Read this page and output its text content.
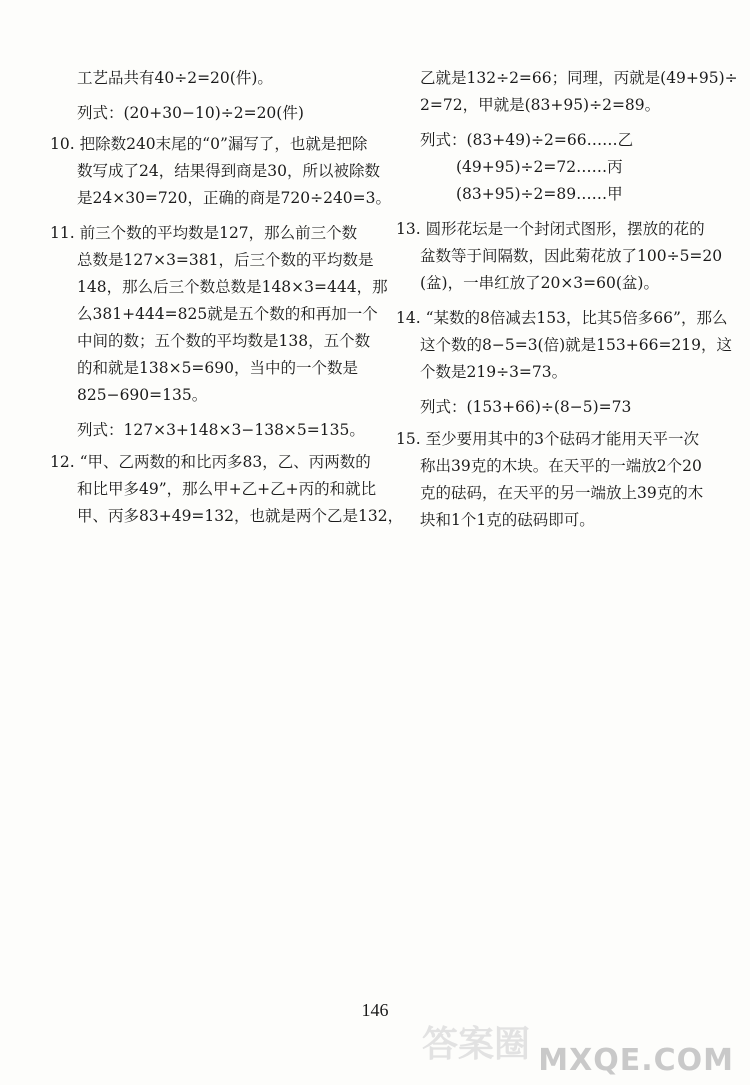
工艺品共有40÷2=20(件)。
列式：(20+30−10)÷2=20(件)
10. 把除数240末尾的“0”漏写了，也就是把除
数写成了24，结果得到商是30，所以被除数
是24×30=720，正确的商是720÷240=3。
11. 前三个数的平均数是127，那么前三个数
总数是127×3=381，后三个数的平均数是
148，那么后三个数总数是148×3=444，那
么381+444=825就是五个数的和再加一个
中间的数；五个数的平均数是138，五个数
的和就是138×5=690，当中的一个数是
825−690=135。
列式：127×3+148×3−138×5=135。
12. “甲、乙两数的和比丙多83，乙、丙两数的
和比甲多49”，那么甲+乙+乙+丙的和就比
甲、丙多83+49=132，也就是两个乙是132，
乙就是132÷2=66；同理，丙就是(49+95)÷
2=72，甲就是(83+95)÷2=89。
列式：(83+49)÷2=66……乙
(49+95)÷2=72……丙
(83+95)÷2=89……甲
13. 圆形花坛是一个封闭式图形，摆放的花的
盆数等于间隔数，因此菊花放了100÷5=20
(盆)，一串红放了20×3=60(盆)。
14. “某数的8倍减去153，比其5倍多66”，那么
这个数的8−5=3(倍)就是153+66=219，这
个数是219÷3=73。
列式：(153+66)÷(8−5)=73
15. 至少要用其中的3个砝码才能用天平一次
称出39克的木块。在天平的一端放2个20
克的砝码，在天平的另一端放上39克的木
块和1个1克的砝码即可。
146
答案圈 MXQE.COM
